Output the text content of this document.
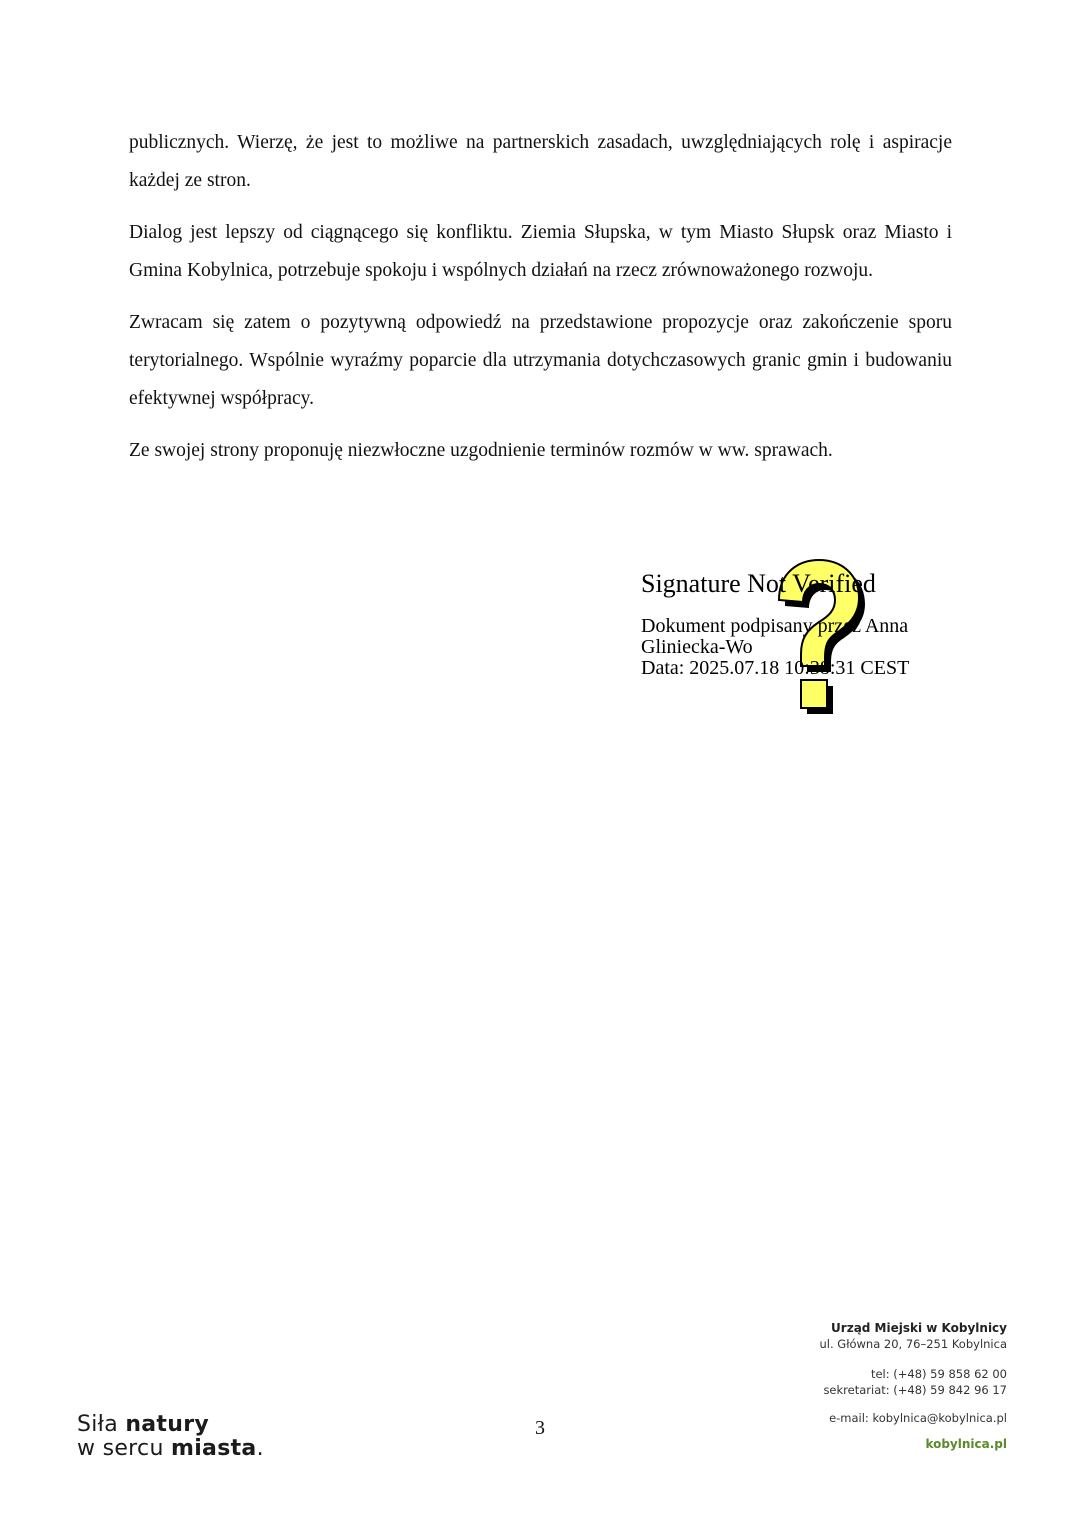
publicznych. Wierzę, że jest to możliwe na partnerskich zasadach, uwzględniających rolę i aspiracje każdej ze stron.

Dialog jest lepszy od ciągnącego się konfliktu. Ziemia Słupska, w tym Miasto Słupsk oraz Miasto i Gmina Kobylnica, potrzebuje spokoju i wspólnych działań na rzecz zrównoważonego rozwoju.

Zwracam się zatem o pozytywną odpowiedź na przedstawione propozycje oraz zakończenie sporu terytorialnego. Wspólnie wyraźmy poparcie dla utrzymania dotychczasowych granic gmin i budowaniu efektywnej współpracy.

Ze swojej strony proponuję niezwłoczne uzgodnienie terminów rozmów w ww. sprawach.

Signature Not Verified
Dokument podpisany przez Anna
Gliniecka-Wo
Data: 2025.07.18 10:38:31 CEST
Siła natury
w sercu miasta.
3
Urząd Miejski w Kobylnicy
ul. Główna 20, 76–251 Kobylnica
tel: (+48) 59 858 62 00
sekretariat: (+48) 59 842 96 17
e-mail: kobylnica@kobylnica.pl
kobylnica.pl
